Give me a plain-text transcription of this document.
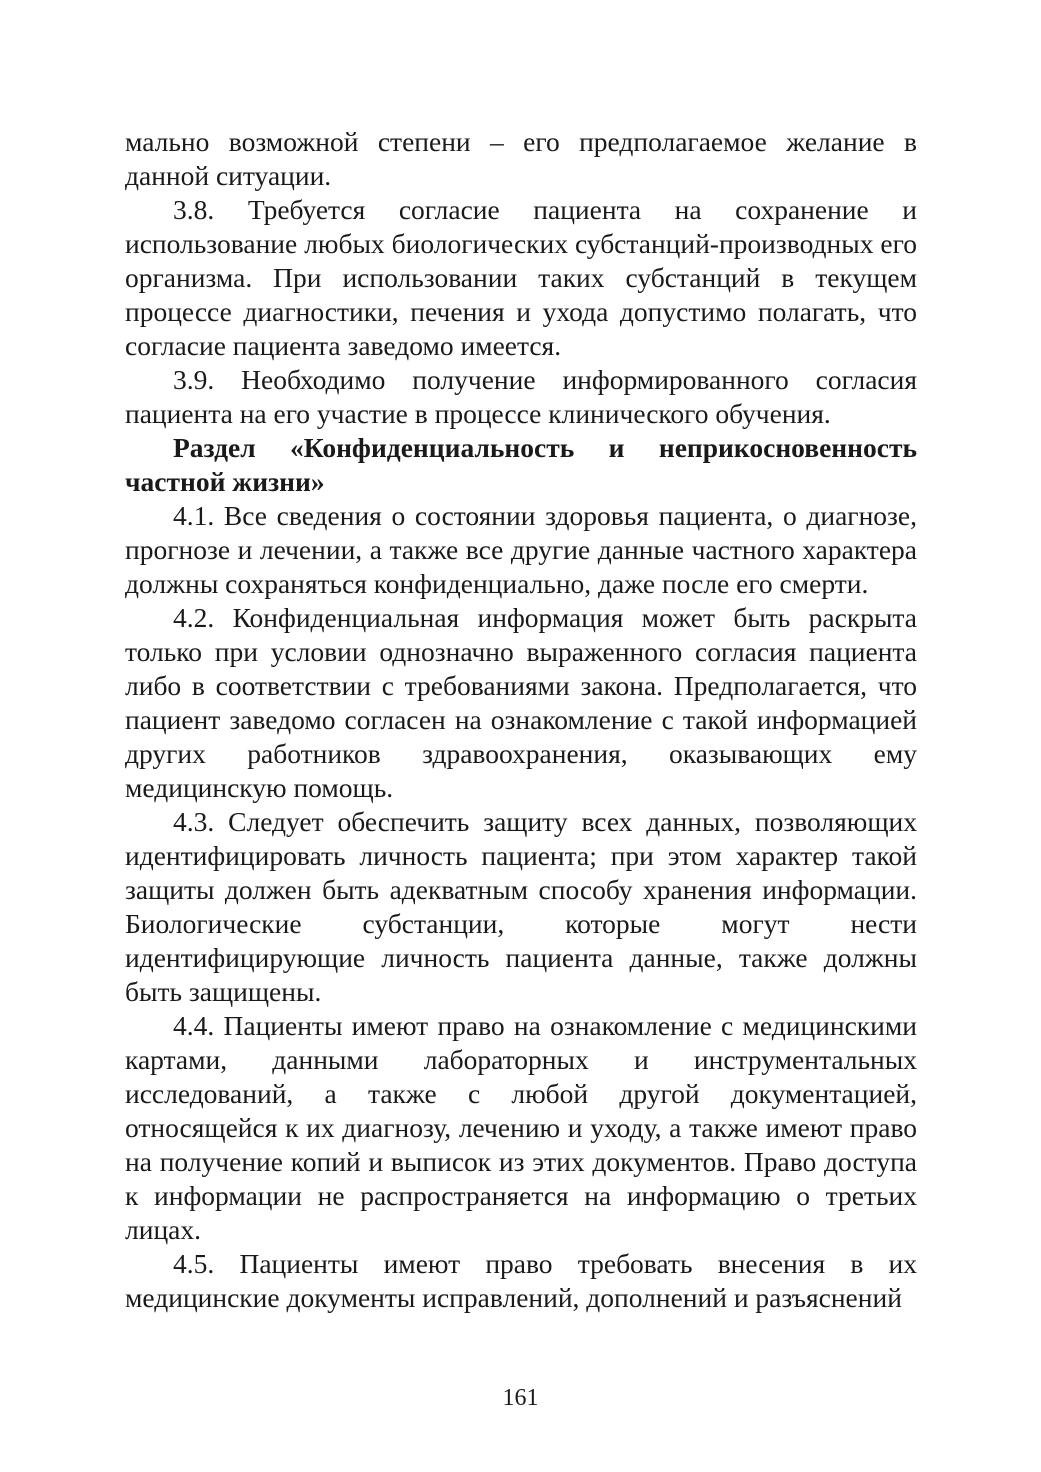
мально возможной степени – его предполагаемое желание в данной ситуации.

3.8. Требуется согласие пациента на сохранение и использование любых биологических субстанций-производных его организма. При использовании таких субстанций в текущем процессе диагностики, печения и ухода допустимо полагать, что согласие пациента заведомо имеется.

3.9. Необходимо получение информированного согласия пациента на его участие в процессе клинического обучения.

Раздел «Конфиденциальность и неприкосновенность частной жизни»

4.1. Все сведения о состоянии здоровья пациента, о диагнозе, прогнозе и лечении, а также все другие данные частного характера должны сохраняться конфиденциально, даже после его смерти.

4.2. Конфиденциальная информация может быть раскрыта только при условии однозначно выраженного согласия пациента либо в соответствии с требованиями закона. Предполагается, что пациент заведомо согласен на ознакомление с такой информацией других работников здравоохранения, оказывающих ему медицинскую помощь.

4.3. Следует обеспечить защиту всех данных, позволяющих идентифицировать личность пациента; при этом характер такой защиты должен быть адекватным способу хранения информации. Биологические субстанции, которые могут нести идентифицирующие личность пациента данные, также должны быть защищены.

4.4. Пациенты имеют право на ознакомление с медицинскими картами, данными лабораторных и инструментальных исследований, а также с любой другой документацией, относящейся к их диагнозу, лечению и уходу, а также имеют право на получение копий и выписок из этих документов. Право доступа к информации не распространяется на информацию о третьих лицах.

4.5. Пациенты имеют право требовать внесения в их медицинские документы исправлений, дополнений и разъяснений

161
